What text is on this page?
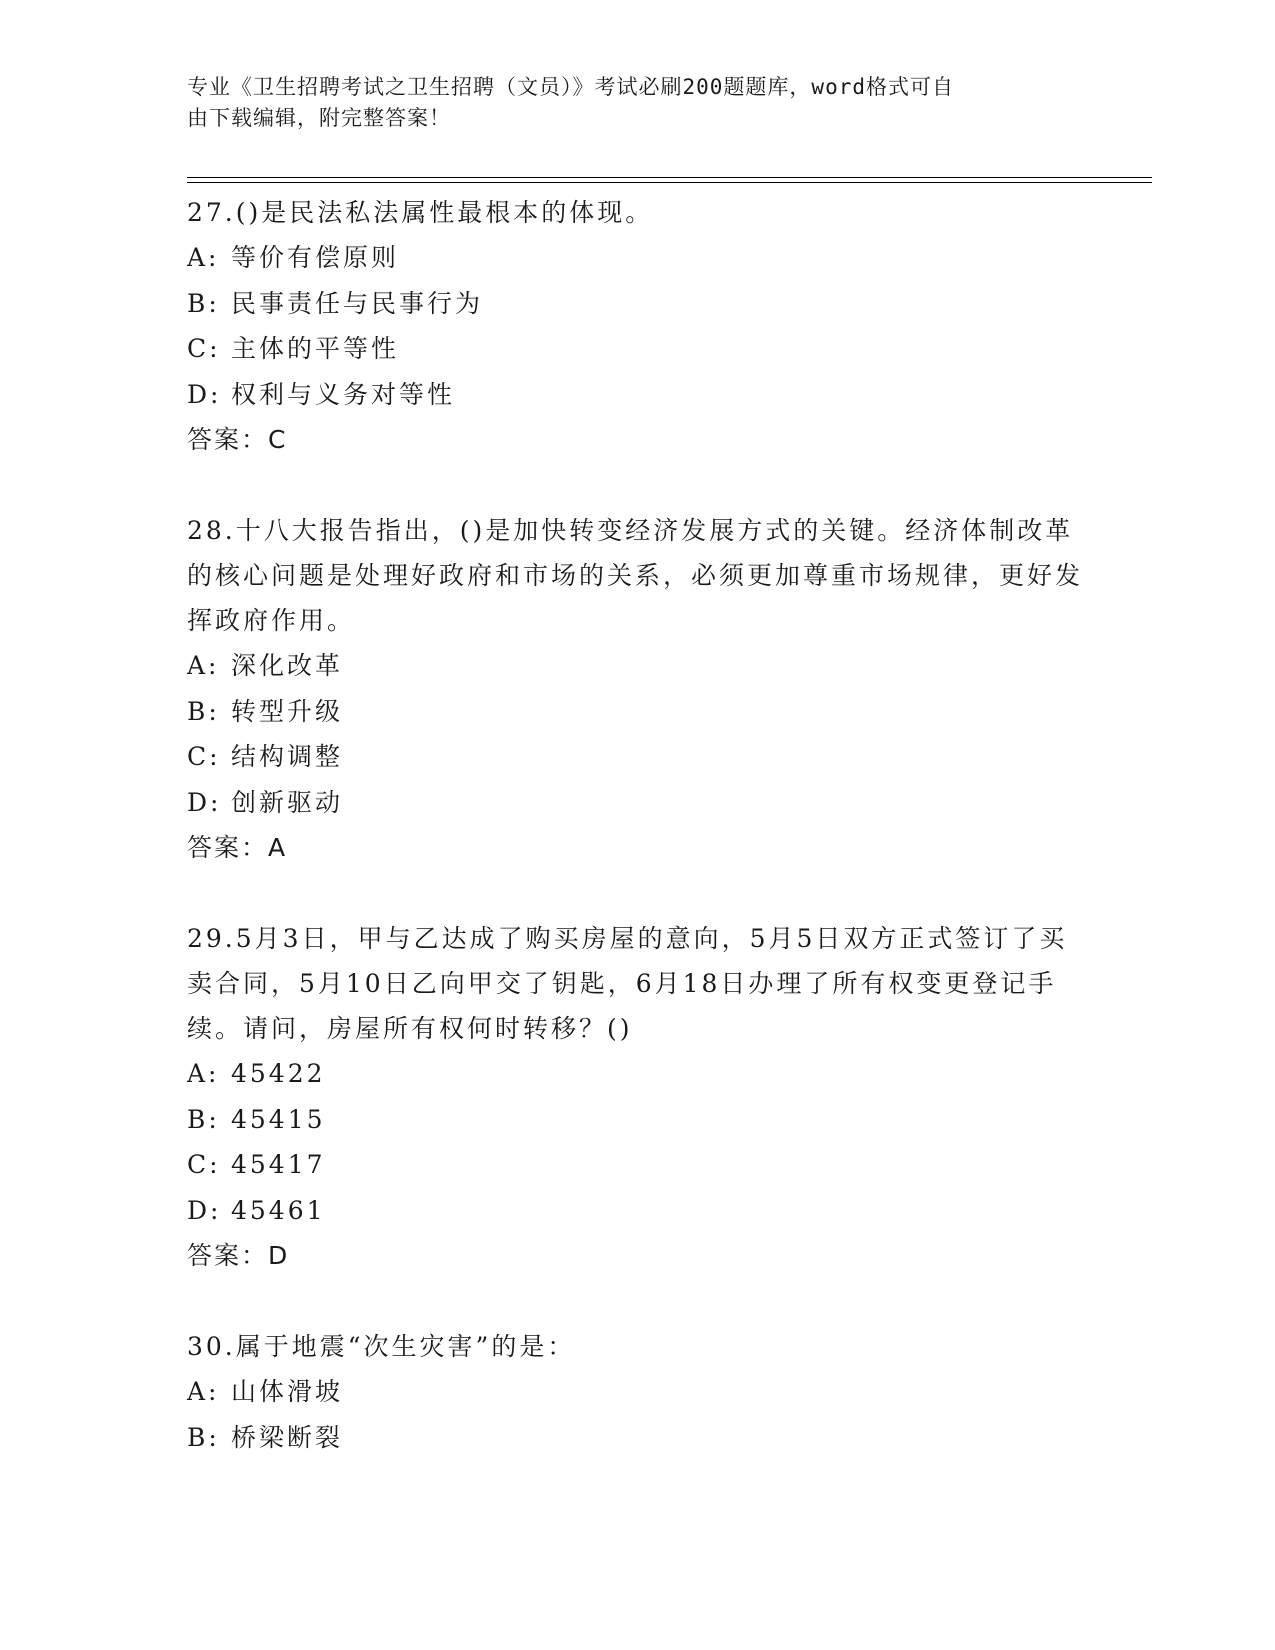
专业《卫生招聘考试之卫生招聘（文员）》考试必刷200题题库，word格式可自
由下载编辑，附完整答案！
27.()是民法私法属性最根本的体现。
A: 等价有偿原则
B: 民事责任与民事行为
C: 主体的平等性
D: 权利与义务对等性
答案：C
28.十八大报告指出，()是加快转变经济发展方式的关键。经济体制改革的核心问题是处理好政府和市场的关系，必须更加尊重市场规律，更好发挥政府作用。
A: 深化改革
B: 转型升级
C: 结构调整
D: 创新驱动
答案：A
29.5月3日，甲与乙达成了购买房屋的意向，5月5日双方正式签订了买卖合同，5月10日乙向甲交了钥匙，6月18日办理了所有权变更登记手续。请问，房屋所有权何时转移？()
A: 45422
B: 45415
C: 45417
D: 45461
答案：D
30.属于地震“次生灾害”的是：
A: 山体滑坡
B: 桥梁断裂
